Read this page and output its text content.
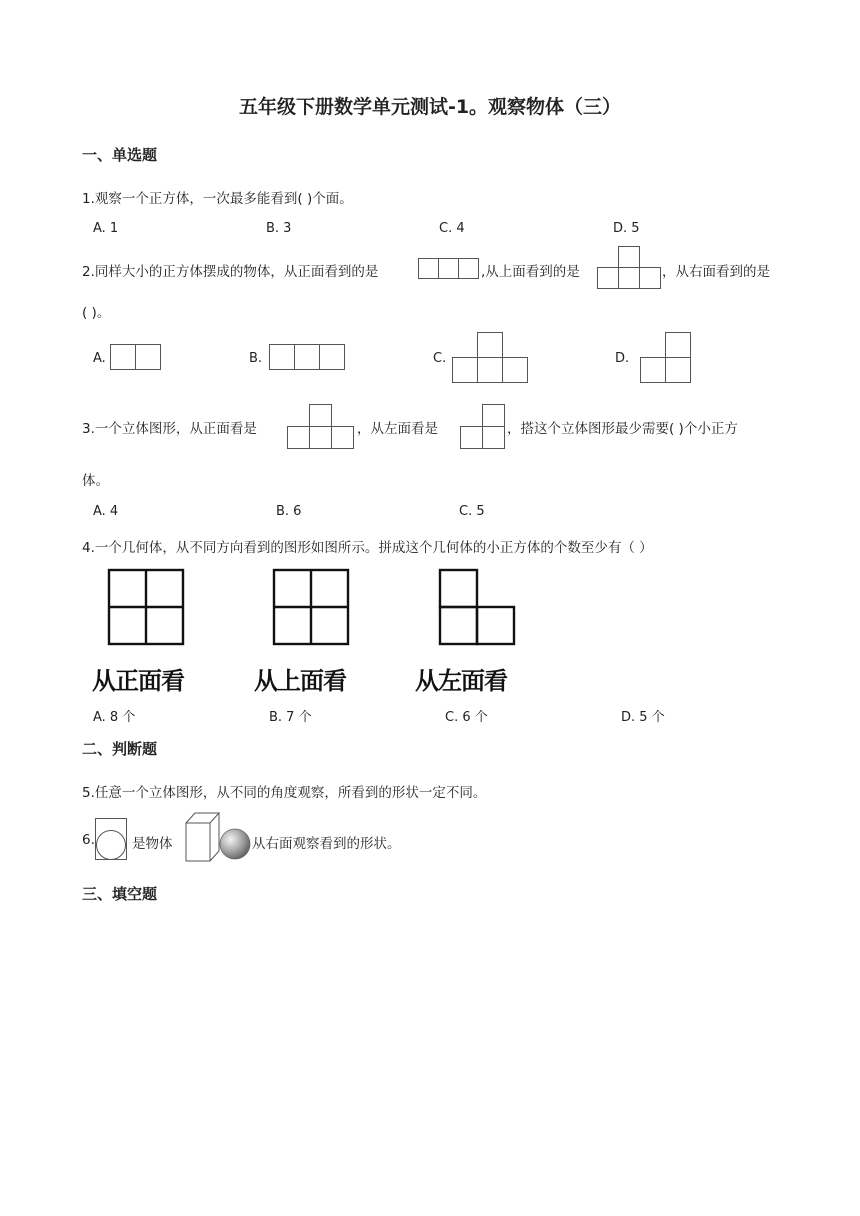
五年级下册数学单元测试-1。观察物体（三）
一、单选题
1.观察一个正方体，一次最多能看到( )个面。
A. 1	B. 3	C. 4	D. 5
2.同样大小的正方体摆成的物体，从正面看到的是	,从上面看到的是	，从右面看到的是
( )。
A.	B.	C.	D.
3.一个立体图形，从正面看是	，从左面看是	，搭这个立体图形最少需要( )个小正方
体。
A. 4	B. 6	C. 5
4.一个几何体，从不同方向看到的图形如图所示。拼成这个几何体的小正方体的个数至少有（ ）
从正面看	从上面看	从左面看
A. 8 个	B. 7 个	C. 6 个	D. 5 个
二、判断题
5.任意一个立体图形，从不同的角度观察，所看到的形状一定不同。
6.	是物体	从右面观察看到的形状。
三、填空题
